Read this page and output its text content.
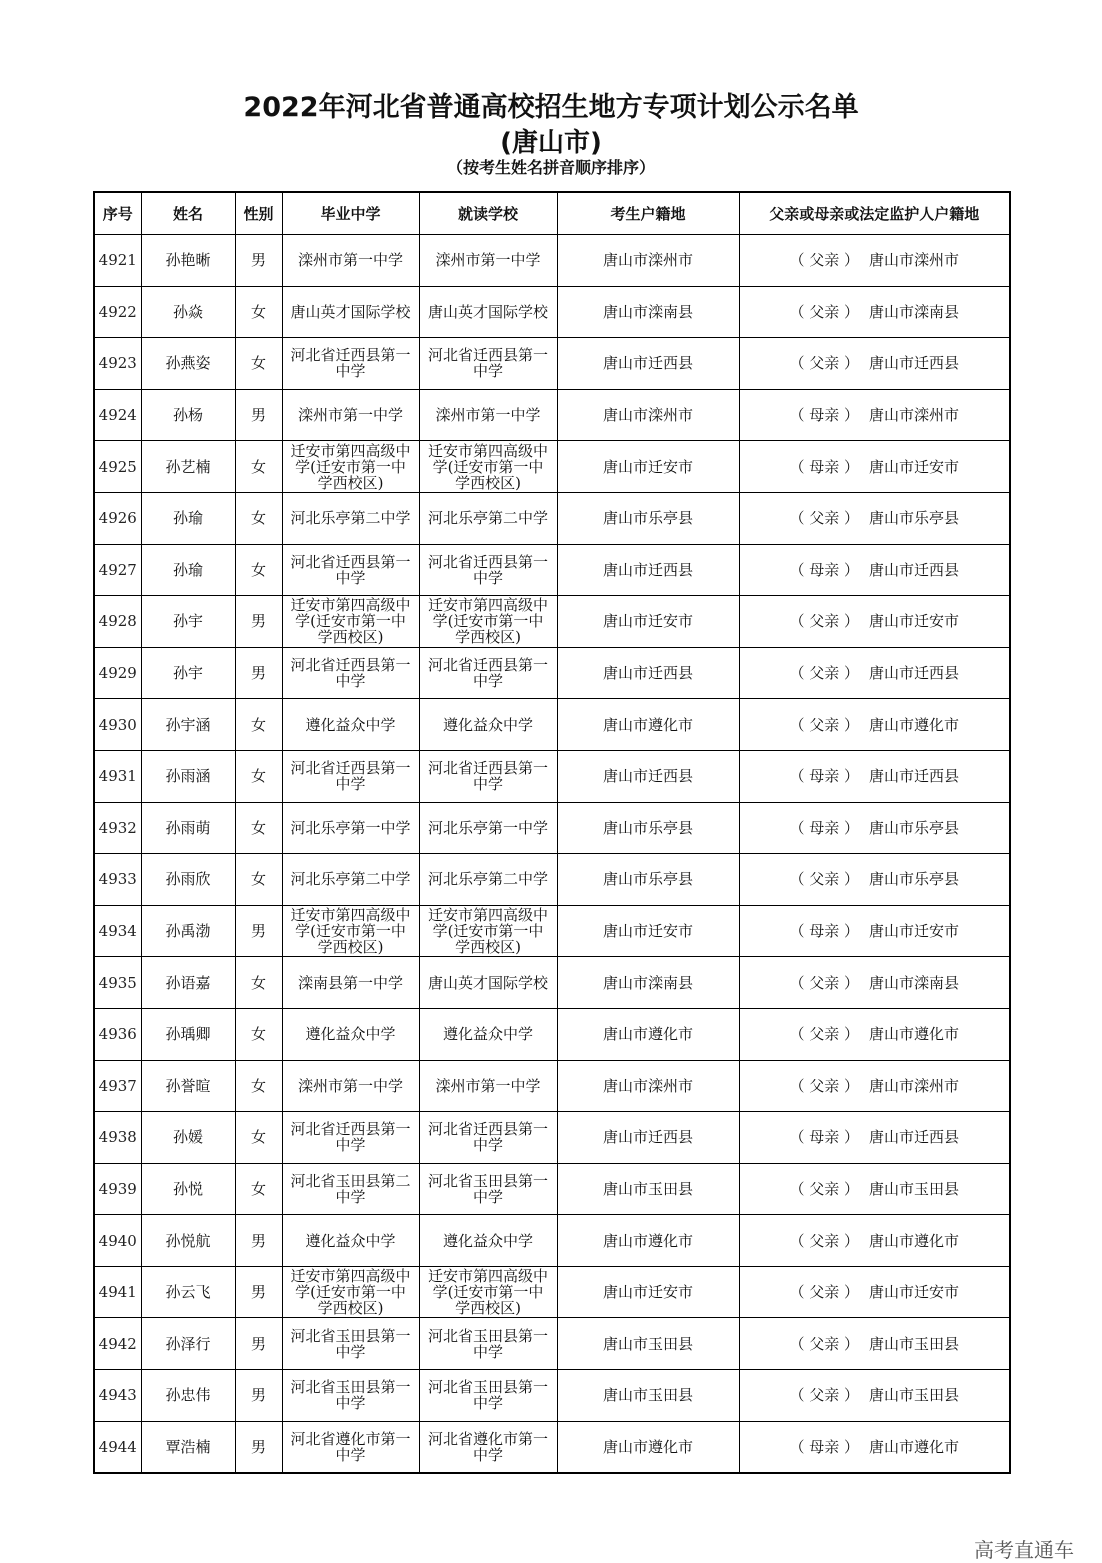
2022年河北省普通高校招生地方专项计划公示名单
(唐山市)
（按考生姓名拼音顺序排序）
序号	姓名	性别	毕业中学	就读学校	考生户籍地	父亲或母亲或法定监护人户籍地
4921	孙艳晰	男	滦州市第一中学	滦州市第一中学	唐山市滦州市	（ 父亲 ） 唐山市滦州市
4922	孙焱	女	唐山英才国际学校	唐山英才国际学校	唐山市滦南县	（ 父亲 ） 唐山市滦南县
4923	孙燕姿	女	河北省迁西县第一中学	河北省迁西县第一中学	唐山市迁西县	（ 父亲 ） 唐山市迁西县
4924	孙杨	男	滦州市第一中学	滦州市第一中学	唐山市滦州市	（ 母亲 ） 唐山市滦州市
4925	孙艺楠	女	迁安市第四高级中学(迁安市第一中学西校区)	迁安市第四高级中学(迁安市第一中学西校区)	唐山市迁安市	（ 母亲 ） 唐山市迁安市
4926	孙瑜	女	河北乐亭第二中学	河北乐亭第二中学	唐山市乐亭县	（ 父亲 ） 唐山市乐亭县
4927	孙瑜	女	河北省迁西县第一中学	河北省迁西县第一中学	唐山市迁西县	（ 母亲 ） 唐山市迁西县
4928	孙宇	男	迁安市第四高级中学(迁安市第一中学西校区)	迁安市第四高级中学(迁安市第一中学西校区)	唐山市迁安市	（ 父亲 ） 唐山市迁安市
4929	孙宇	男	河北省迁西县第一中学	河北省迁西县第一中学	唐山市迁西县	（ 父亲 ） 唐山市迁西县
4930	孙宇涵	女	遵化益众中学	遵化益众中学	唐山市遵化市	（ 父亲 ） 唐山市遵化市
4931	孙雨涵	女	河北省迁西县第一中学	河北省迁西县第一中学	唐山市迁西县	（ 母亲 ） 唐山市迁西县
4932	孙雨萌	女	河北乐亭第一中学	河北乐亭第一中学	唐山市乐亭县	（ 母亲 ） 唐山市乐亭县
4933	孙雨欣	女	河北乐亭第二中学	河北乐亭第二中学	唐山市乐亭县	（ 父亲 ） 唐山市乐亭县
4934	孙禹渤	男	迁安市第四高级中学(迁安市第一中学西校区)	迁安市第四高级中学(迁安市第一中学西校区)	唐山市迁安市	（ 母亲 ） 唐山市迁安市
4935	孙语嘉	女	滦南县第一中学	唐山英才国际学校	唐山市滦南县	（ 父亲 ） 唐山市滦南县
4936	孙瑀卿	女	遵化益众中学	遵化益众中学	唐山市遵化市	（ 父亲 ） 唐山市遵化市
4937	孙誉暄	女	滦州市第一中学	滦州市第一中学	唐山市滦州市	（ 父亲 ） 唐山市滦州市
4938	孙媛	女	河北省迁西县第一中学	河北省迁西县第一中学	唐山市迁西县	（ 母亲 ） 唐山市迁西县
4939	孙悦	女	河北省玉田县第二中学	河北省玉田县第一中学	唐山市玉田县	（ 父亲 ） 唐山市玉田县
4940	孙悦航	男	遵化益众中学	遵化益众中学	唐山市遵化市	（ 父亲 ） 唐山市遵化市
4941	孙云飞	男	迁安市第四高级中学(迁安市第一中学西校区)	迁安市第四高级中学(迁安市第一中学西校区)	唐山市迁安市	（ 父亲 ） 唐山市迁安市
4942	孙泽行	男	河北省玉田县第一中学	河北省玉田县第一中学	唐山市玉田县	（ 父亲 ） 唐山市玉田县
4943	孙忠伟	男	河北省玉田县第一中学	河北省玉田县第一中学	唐山市玉田县	（ 父亲 ） 唐山市玉田县
4944	覃浩楠	男	河北省遵化市第一中学	河北省遵化市第一中学	唐山市遵化市	（ 母亲 ） 唐山市遵化市
高考直通车
